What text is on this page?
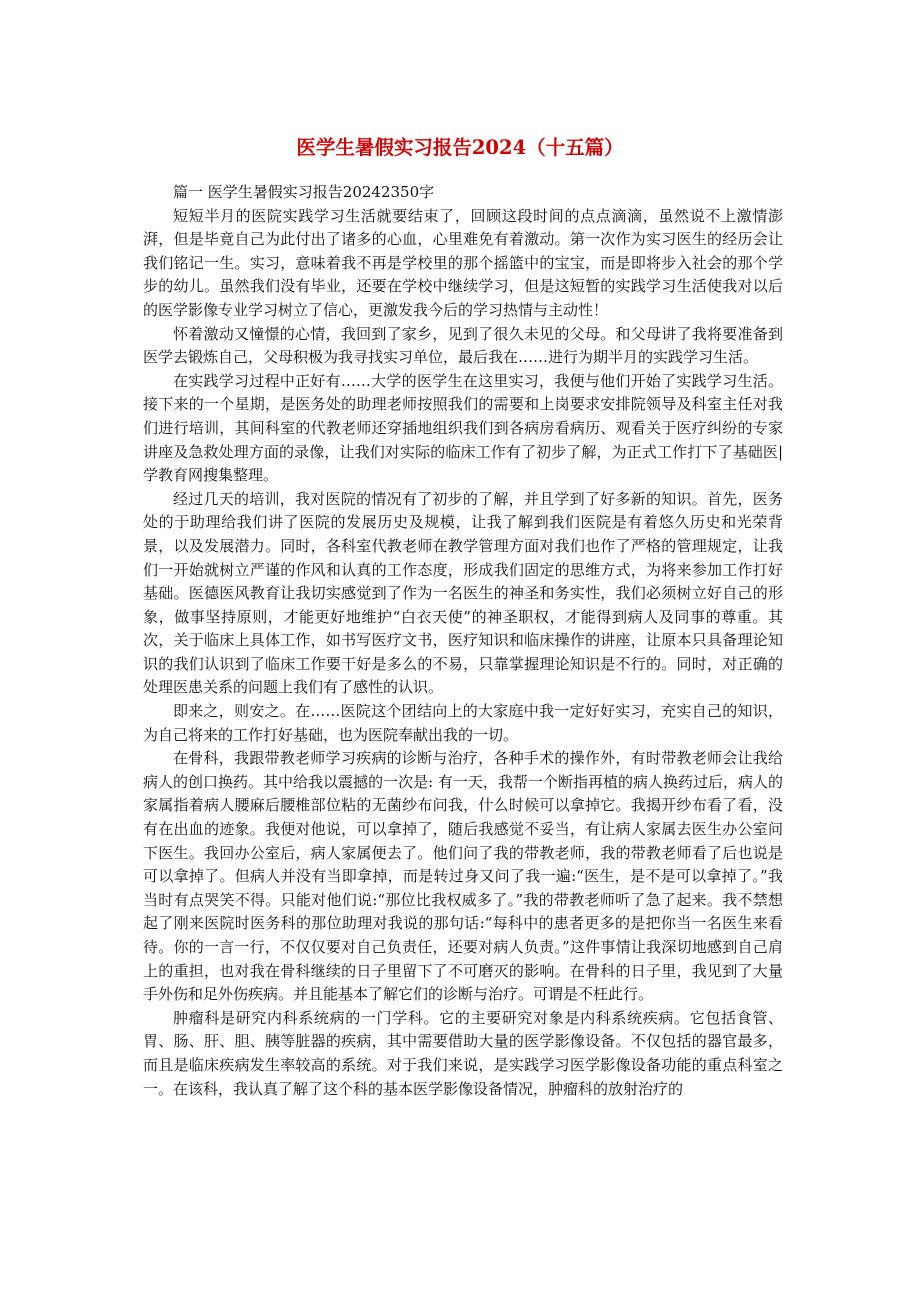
医学生暑假实习报告2024（十五篇）

篇一 医学生暑假实习报告20242350字

短短半月的医院实践学习生活就要结束了，回顾这段时间的点点滴滴，虽然说不上激情澎湃，但是毕竟自己为此付出了诸多的心血，心里难免有着激动。第一次作为实习医生的经历会让我们铭记一生。实习，意味着我不再是学校里的那个摇篮中的宝宝，而是即将步入社会的那个学步的幼儿。虽然我们没有毕业，还要在学校中继续学习，但是这短暂的实践学习生活使我对以后的医学影像专业学习树立了信心，更激发我今后的学习热情与主动性！

怀着激动又憧憬的心情，我回到了家乡，见到了很久未见的父母。和父母讲了我将要准备到医学去锻炼自己，父母积极为我寻找实习单位，最后我在……进行为期半月的实践学习生活。

在实践学习过程中正好有……大学的医学生在这里实习，我便与他们开始了实践学习生活。接下来的一个星期，是医务处的助理老师按照我们的需要和上岗要求安排院领导及科室主任对我们进行培训，其间科室的代教老师还穿插地组织我们到各病房看病历、观看关于医疗纠纷的专家讲座及急救处理方面的录像，让我们对实际的临床工作有了初步了解，为正式工作打下了基础医|学教育网搜集整理。

经过几天的培训，我对医院的情况有了初步的了解，并且学到了好多新的知识。首先，医务处的于助理给我们讲了医院的发展历史及规模，让我了解到我们医院是有着悠久历史和光荣背景，以及发展潜力。同时，各科室代教老师在教学管理方面对我们也作了严格的管理规定，让我们一开始就树立严谨的作风和认真的工作态度，形成我们固定的思维方式，为将来参加工作打好基础。医德医风教育让我切实感觉到了作为一名医生的神圣和务实性，我们必须树立好自己的形象，做事坚持原则，才能更好地维护“白衣天使”的神圣职权，才能得到病人及同事的尊重。其次，关于临床上具体工作，如书写医疗文书，医疗知识和临床操作的讲座，让原本只具备理论知识的我们认识到了临床工作要干好是多么的不易，只靠掌握理论知识是不行的。同时，对正确的处理医患关系的问题上我们有了感性的认识。

即来之，则安之。在……医院这个团结向上的大家庭中我一定好好实习，充实自己的知识，为自己将来的工作打好基础，也为医院奉献出我的一切。

在骨科，我跟带教老师学习疾病的诊断与治疗，各种手术的操作外，有时带教老师会让我给病人的创口换药。其中给我以震撼的一次是: 有一天，我帮一个断指再植的病人换药过后，病人的家属指着病人腰麻后腰椎部位粘的无菌纱布问我，什么时候可以拿掉它。我揭开纱布看了看，没有在出血的迹象。我便对他说，可以拿掉了，随后我感觉不妥当，有让病人家属去医生办公室问下医生。我回办公室后，病人家属便去了。他们问了我的带教老师，我的带教老师看了后也说是可以拿掉了。但病人并没有当即拿掉，而是转过身又问了我一遍:“医生，是不是可以拿掉了。”我当时有点哭笑不得。只能对他们说:“那位比我权威多了。”我的带教老师听了急了起来。我不禁想起了刚来医院时医务科的那位助理对我说的那句话:“每科中的患者更多的是把你当一名医生来看待。你的一言一行，不仅仅要对自己负责任，还要对病人负责。”这件事情让我深切地感到自己肩上的重担，也对我在骨科继续的日子里留下了不可磨灭的影响。在骨科的日子里，我见到了大量手外伤和足外伤疾病。并且能基本了解它们的诊断与治疗。可谓是不枉此行。

肿瘤科是研究内科系统病的一门学科。它的主要研究对象是内科系统疾病。它包括食管、胃、肠、肝、胆、胰等脏器的疾病，其中需要借助大量的医学影像设备。不仅包括的器官最多，而且是临床疾病发生率较高的系统。对于我们来说，是实践学习医学影像设备功能的重点科室之一。在该科，我认真了解了这个科的基本医学影像设备情况，肿瘤科的放射治疗的
